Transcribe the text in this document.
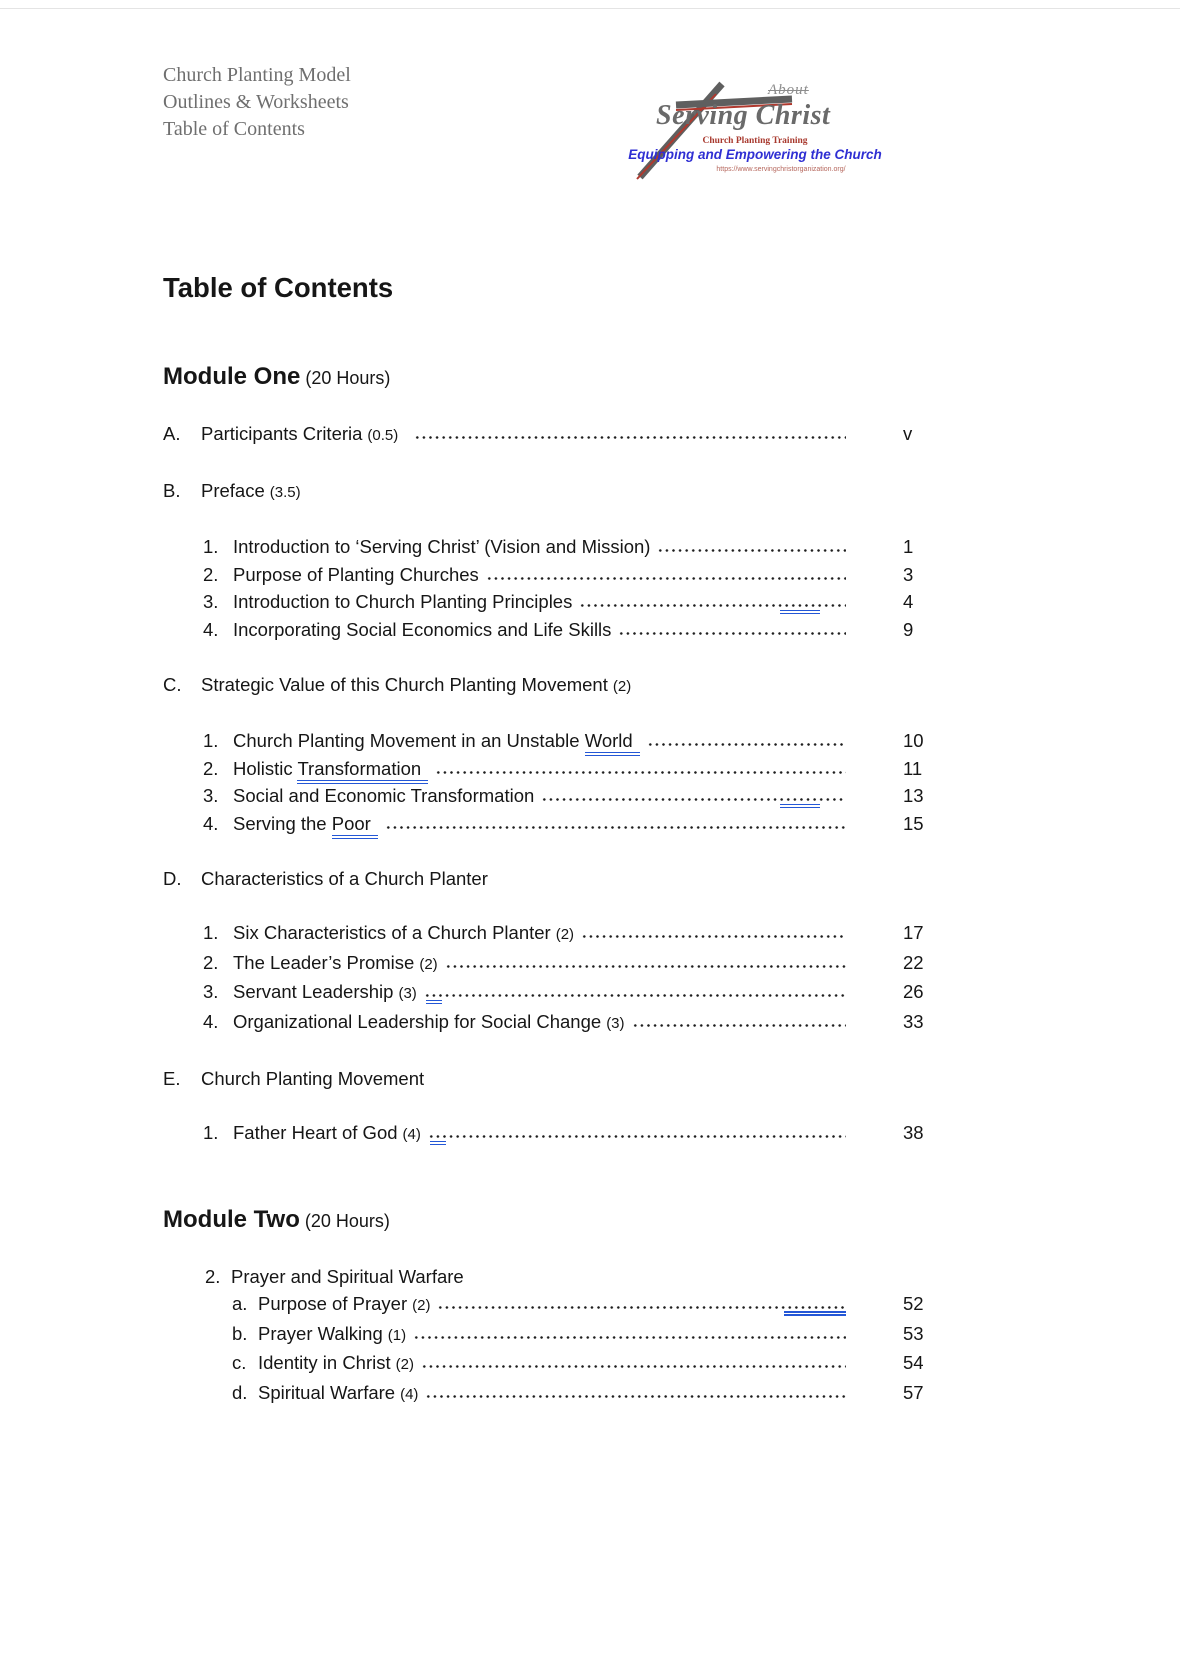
Church Planting Model
Outlines & Worksheets
Table of Contents
About
Serving Christ
Church Planting Training
Equipping and Empowering the Church
https://www.servingchristorganization.org/
Table of Contents
Module One (20 Hours)
A.	Participants Criteria (0.5)	v
B.	Preface (3.5)
1. Introduction to ‘Serving Christ’ (Vision and Mission)	1
2. Purpose of Planting Churches	3
3. Introduction to Church Planting Principles	4
4. Incorporating Social Economics and Life Skills	9
C.	Strategic Value of this Church Planting Movement (2)
1. Church Planting Movement in an Unstable World	10
2. Holistic Transformation	11
3. Social and Economic Transformation	13
4. Serving the Poor	15
D.	Characteristics of a Church Planter
1. Six Characteristics of a Church Planter (2)	17
2. The Leader’s Promise (2)	22
3. Servant Leadership (3)	26
4. Organizational Leadership for Social Change (3)	33
E.	Church Planting Movement
1. Father Heart of God (4)	38
Module Two (20 Hours)
2. Prayer and Spiritual Warfare
a. Purpose of Prayer (2)	52
b. Prayer Walking (1)	53
c. Identity in Christ (2)	54
d. Spiritual Warfare (4)	57
